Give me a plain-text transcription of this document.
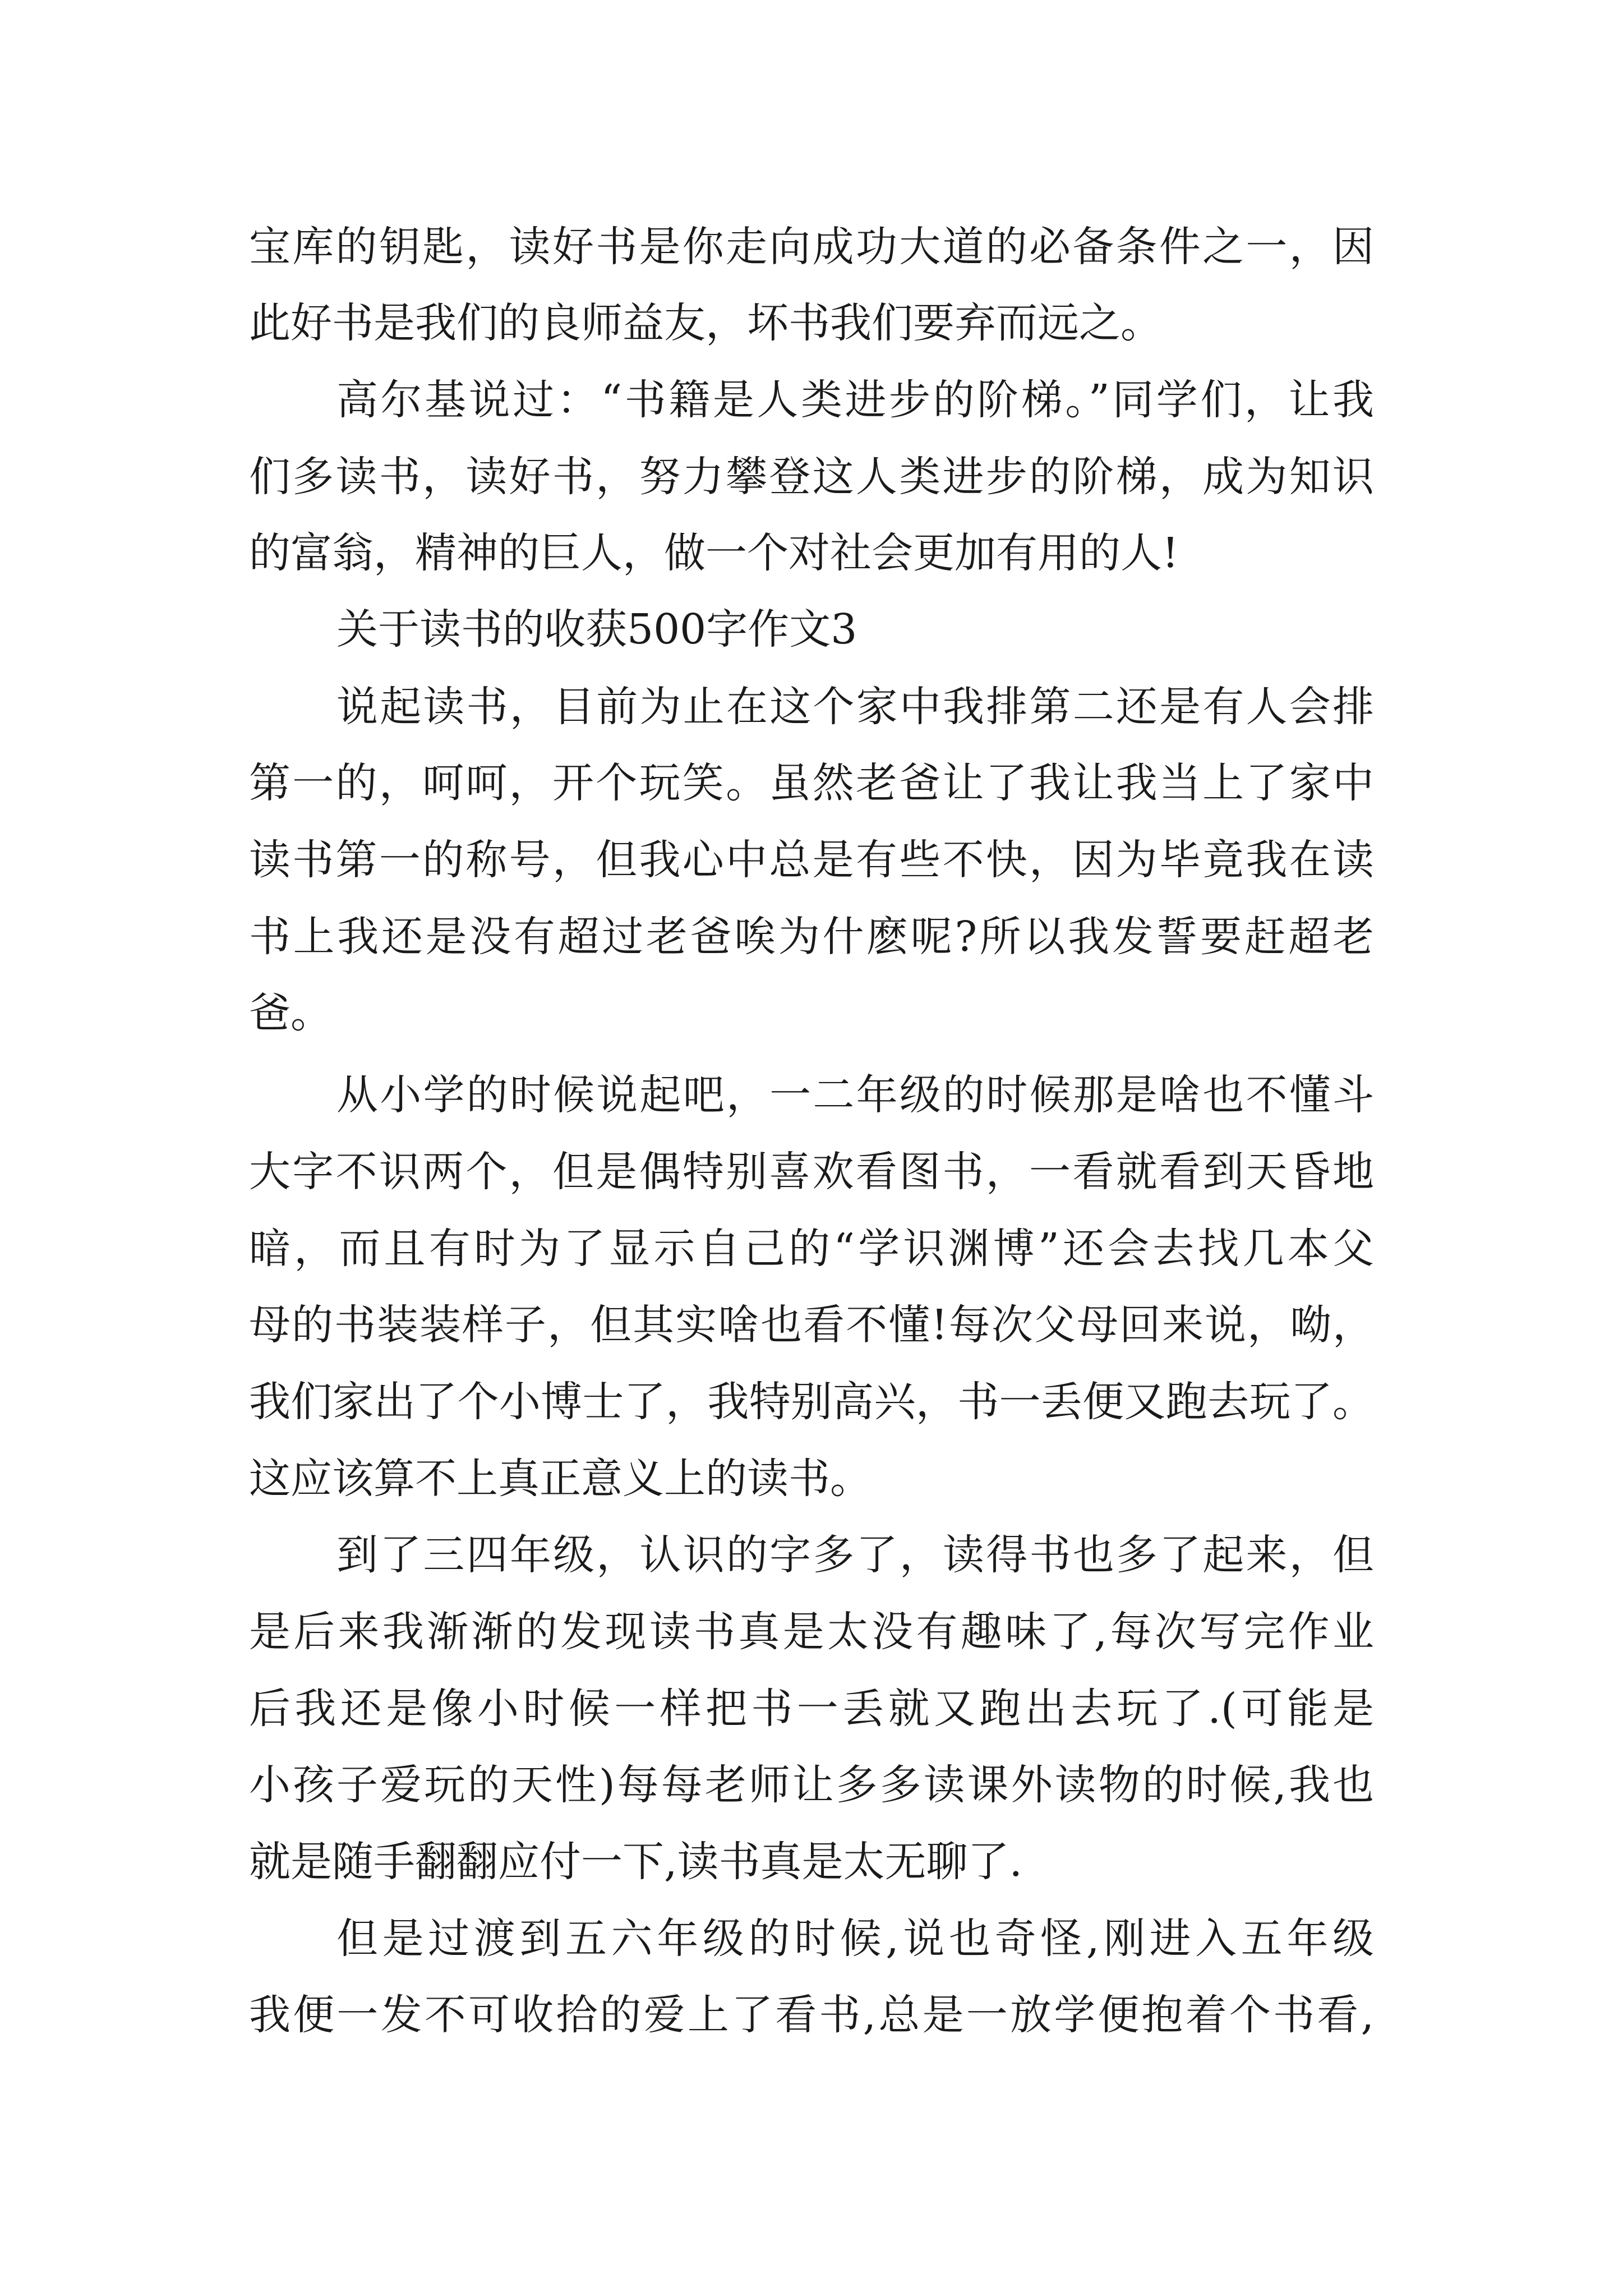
宝库的钥匙，读好书是你走向成功大道的必备条件之一，因
此好书是我们的良师益友，坏书我们要弃而远之。
高尔基说过：“书籍是人类进步的阶梯。”同学们，让我
们多读书，读好书，努力攀登这人类进步的阶梯，成为知识
的富翁，精神的巨人，做一个对社会更加有用的人!
关于读书的收获500字作文3
说起读书，目前为止在这个家中我排第二还是有人会排
第一的，呵呵，开个玩笑。虽然老爸让了我让我当上了家中
读书第一的称号，但我心中总是有些不快，因为毕竟我在读
书上我还是没有超过老爸唉为什麽呢?所以我发誓要赶超老
爸。
从小学的时候说起吧，一二年级的时候那是啥也不懂斗
大字不识两个，但是偶特别喜欢看图书，一看就看到天昏地
暗，而且有时为了显示自己的“学识渊博”还会去找几本父
母的书装装样子，但其实啥也看不懂!每次父母回来说，呦，
我们家出了个小博士了，我特别高兴，书一丢便又跑去玩了。
这应该算不上真正意义上的读书。
到了三四年级，认识的字多了，读得书也多了起来，但
是后来我渐渐的发现读书真是太没有趣味了,每次写完作业
后我还是像小时候一样把书一丢就又跑出去玩了.(可能是
小孩子爱玩的天性)每每老师让多多读课外读物的时候,我也
就是随手翻翻应付一下,读书真是太无聊了.
但是过渡到五六年级的时候,说也奇怪,刚进入五年级
我便一发不可收拾的爱上了看书,总是一放学便抱着个书看,
